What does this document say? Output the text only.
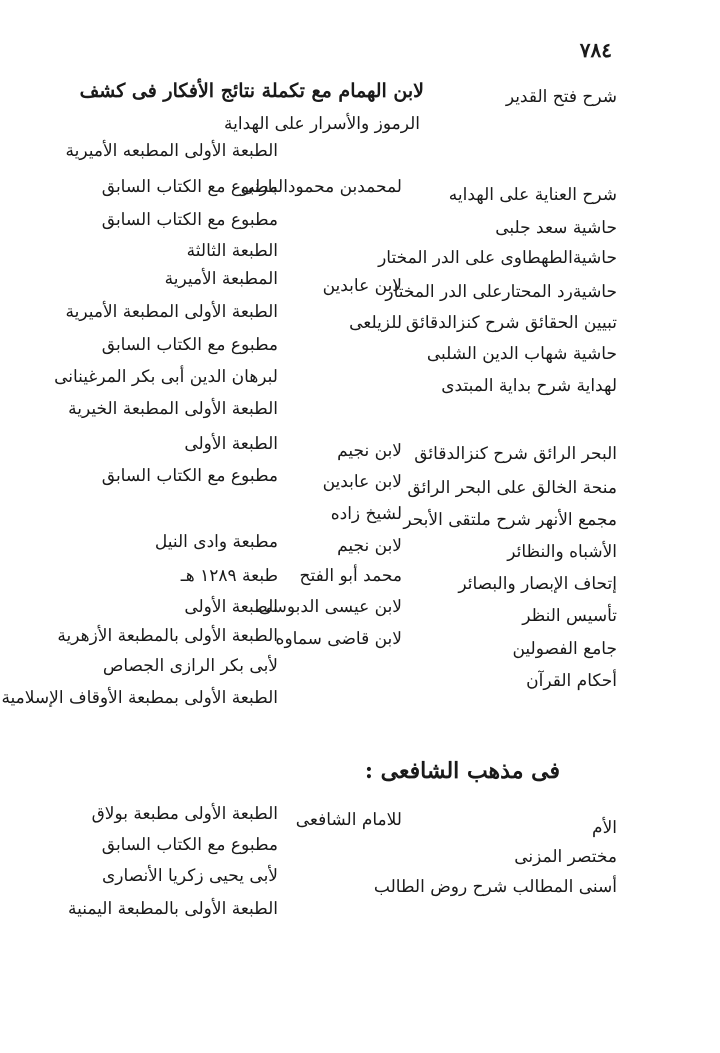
٧٨٤
شرح فتح القدير
لابن الهمام مع تكملة نتائج الأفكار فى كشف
الرموز والأسرار على الهداية
الطبعة الأولى المطبعه الأميرية
شرح العناية على الهدايه
لمحمدبن محمودالبارنى
مطبوع مع الكتاب السابق
حاشية سعد جلبى
مطبوع مع الكتاب السابق
حاشيةالطهطاوى على الدر المختار
الطبعة الثالثة
حاشيةرد المحتارعلى الدر المختار
لابن عابدين
المطبعة الأميرية
تبيين الحقائق شرح كنزالدقائق
للزيلعى
الطبعة الأولى المطبعة الأميرية
حاشية شهاب الدين الشلبى
مطبوع مع الكتاب السابق
لهداية شرح بداية المبتدى
لبرهان الدين أبى بكر المرغينانى
الطبعة الأولى المطبعة الخيرية
البحر الرائق شرح كنزالدقائق
لابن نجيم
الطبعة الأولى
منحة الخالق على البحر الرائق
لابن عابدين
مطبوع مع الكتاب السابق
مجمع الأنهر شرح ملتقى الأبحر
لشيخ زاده
الأشباه والنظائر
لابن نجيم
مطبعة وادى النيل
إتحاف الإبصار والبصائر
محمد أبو الفتح
طبعة ١٢٨٩ هـ
تأسيس النظر
لابن عيسى الدبوسى
الطبعة الأولى
جامع الفصولين
لابن قاضى سماوه
الطبعة الأولى بالمطبعة الأزهرية
أحكام القرآن
لأبى بكر الرازى الجصاص
الطبعة الأولى بمطبعة الأوقاف الإسلامية
فى مذهب الشافعى :
الأم
للامام الشافعى
الطبعة الأولى مطبعة بولاق
مختصر المزنى
مطبوع مع الكتاب السابق
أسنى المطالب شرح روض الطالب
لأبى يحيى زكريا الأنصارى
الطبعة الأولى بالمطبعة اليمنية
